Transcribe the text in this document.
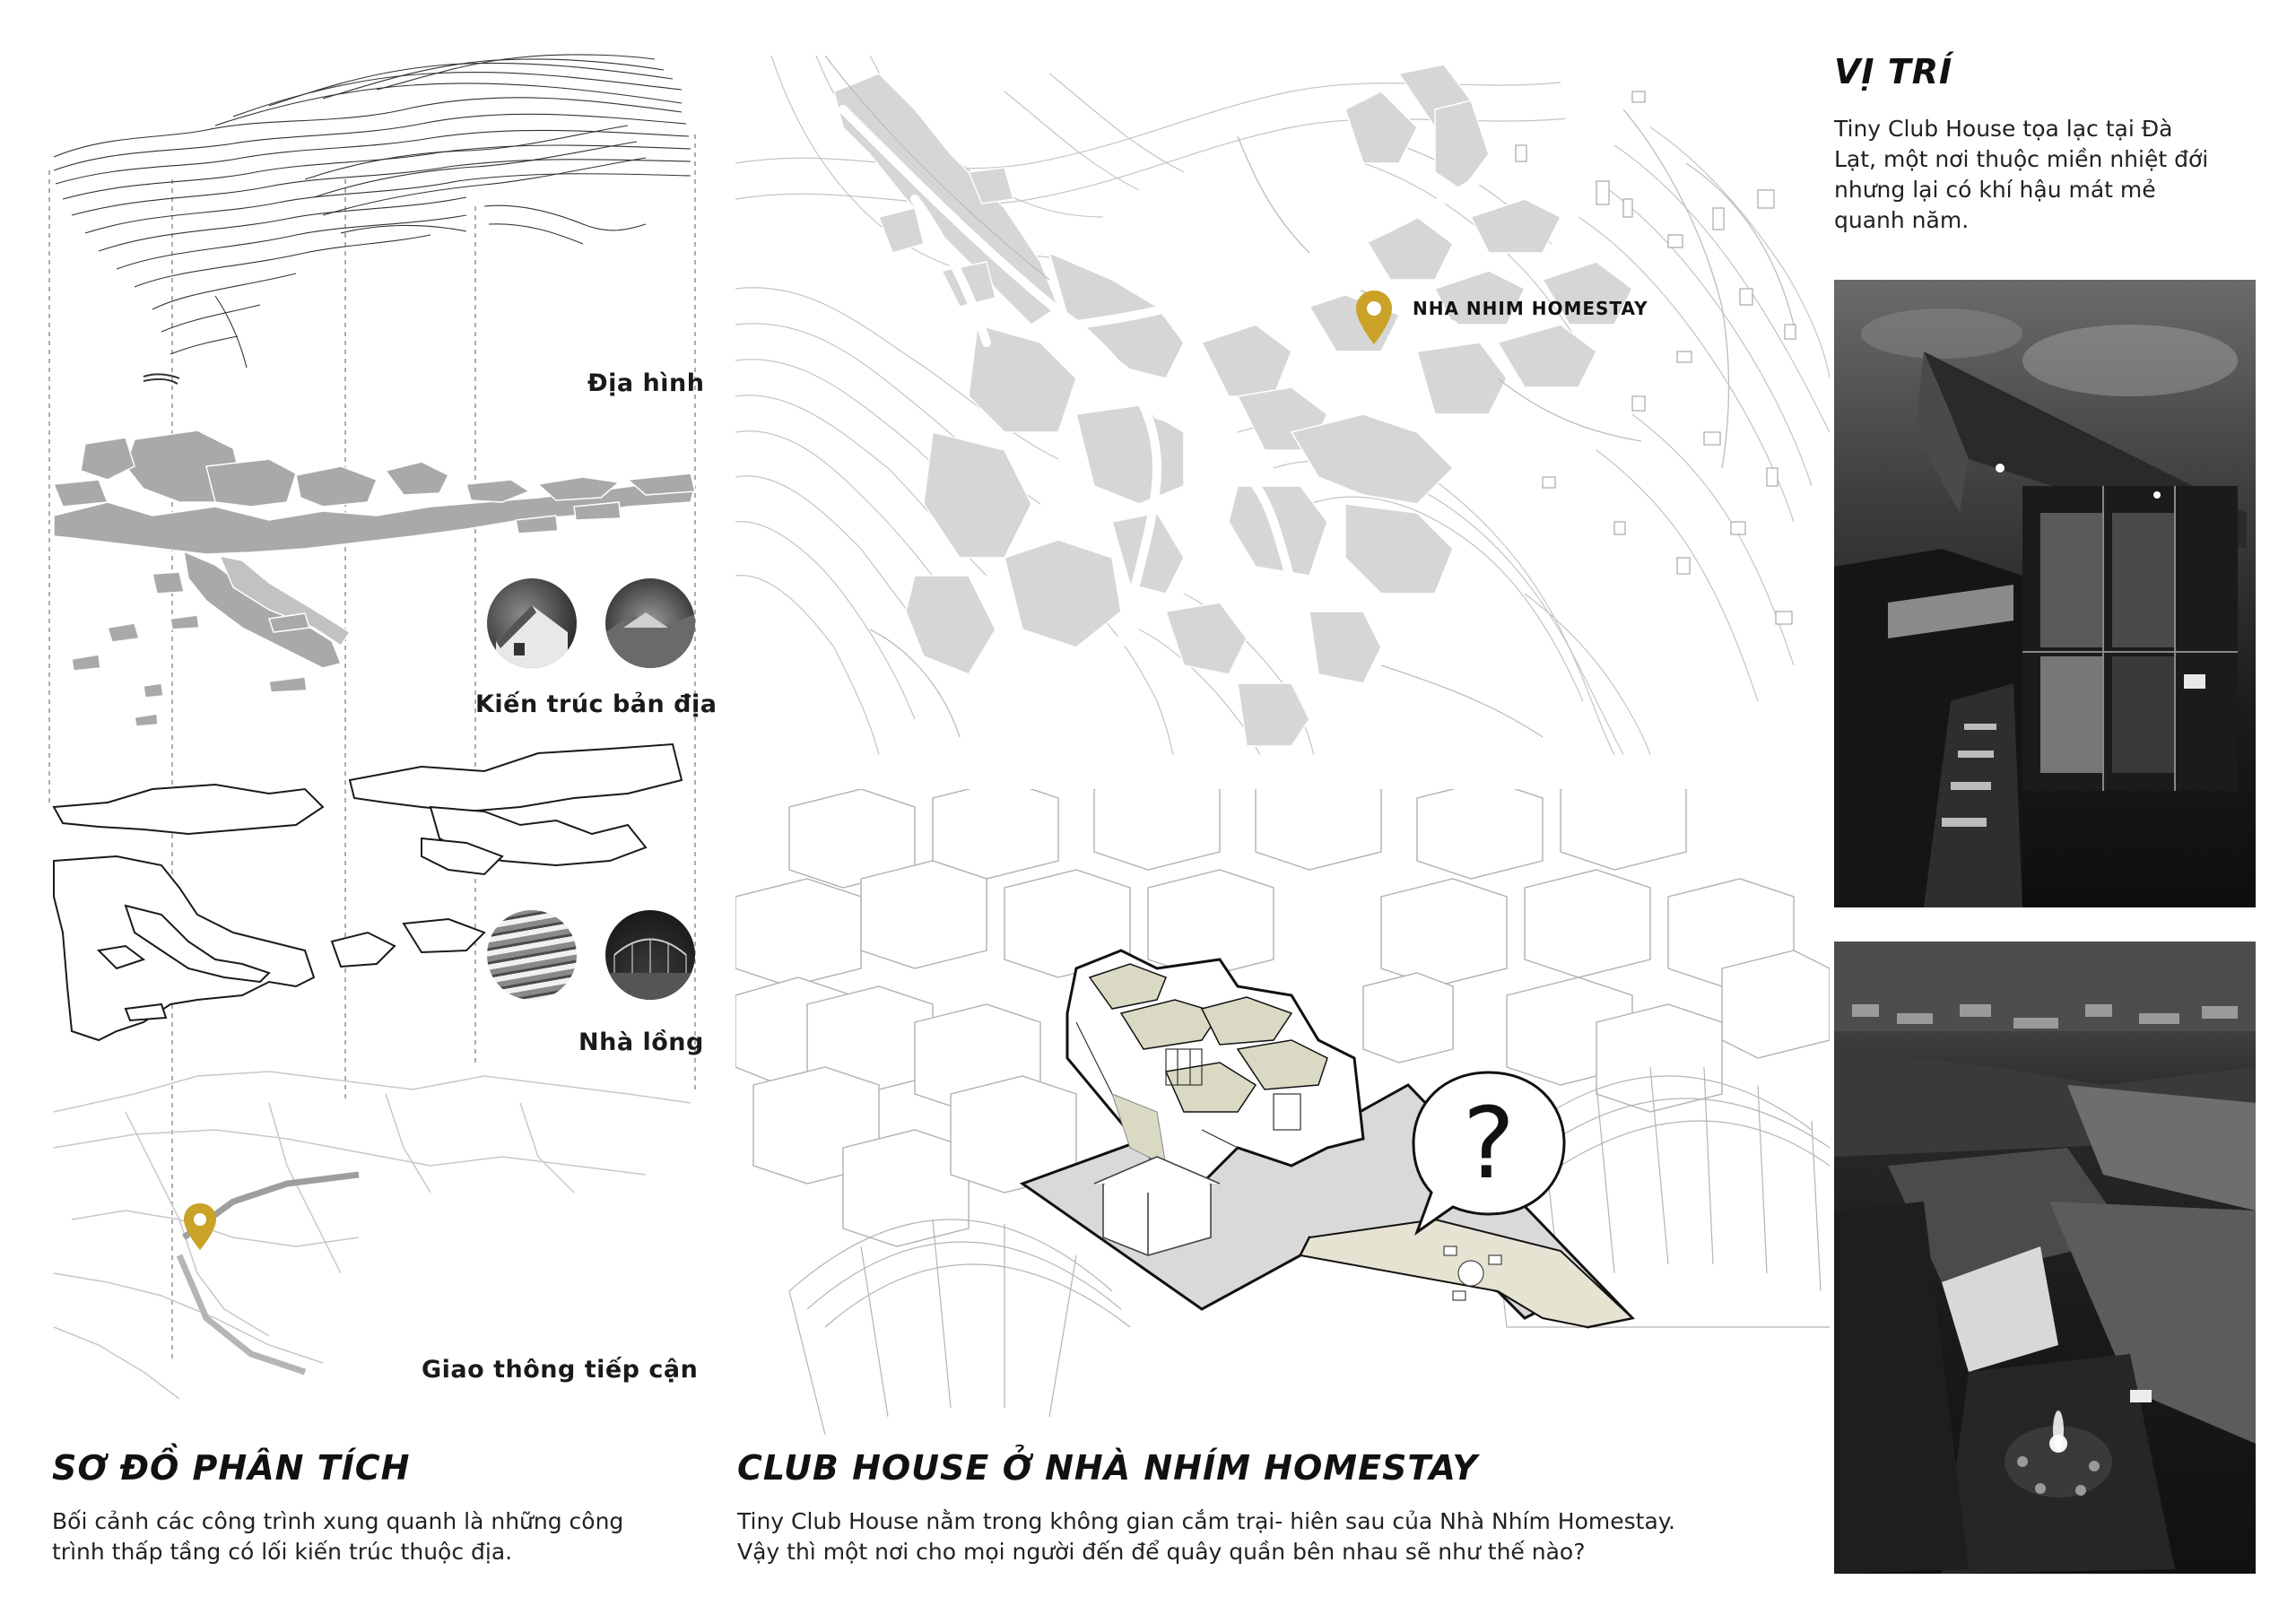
Địa hình
Kiến trúc bản địa
Nhà lồng
Giao thông tiếp cận
SƠ ĐỒ PHÂN TÍCH
Bối cảnh các công trình xung quanh là những công
trình thấp tầng có lối kiến trúc thuộc địa.
NHA NHIM HOMESTAY
?
CLUB HOUSE Ở NHÀ NHÍM HOMESTAY
Tiny Club House nằm trong không gian cắm trại- hiên sau của Nhà Nhím Homestay.
Vậy thì một nơi cho mọi người đến để quây quần bên nhau sẽ như thế nào?
VỊ TRÍ
Tiny Club House tọa lạc tại Đà
Lạt, một nơi thuộc miền nhiệt đới
nhưng lại có khí hậu mát mẻ
quanh năm.
